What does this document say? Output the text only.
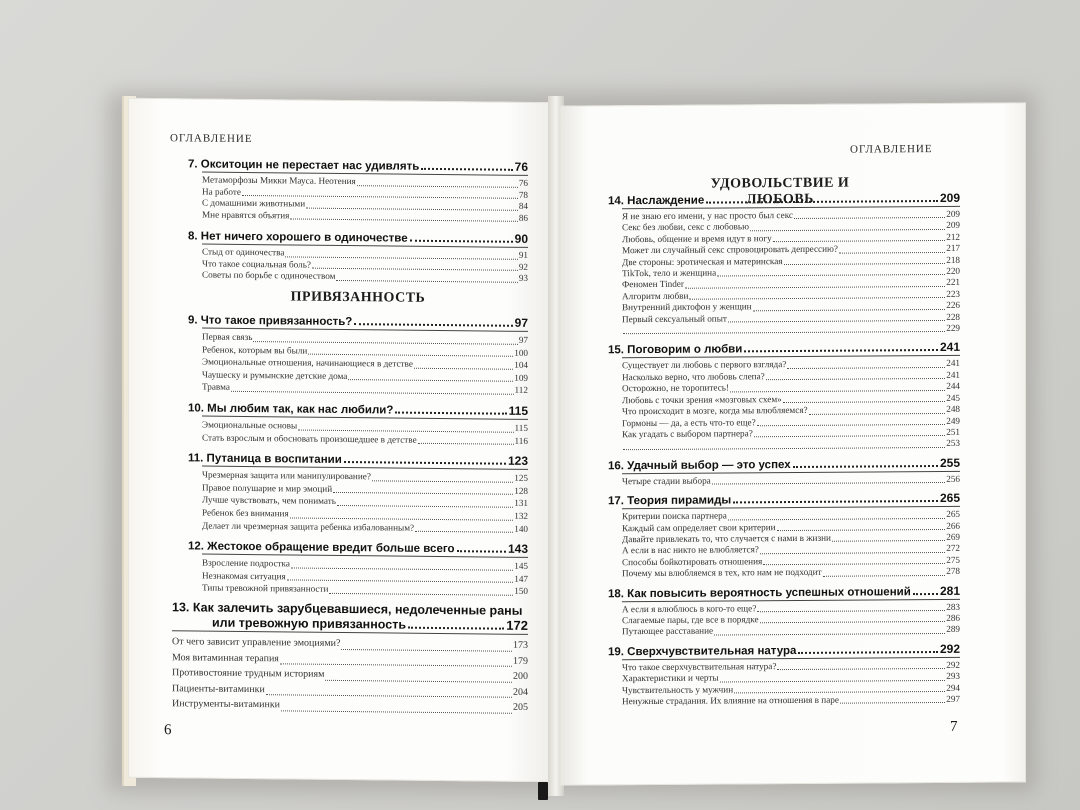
ОГЛАВЛЕНИЕ
7. Окситоцин не перестает нас удивлять	76
Метаморфозы Микки Мауса. Неотения	76
На работе	78
С домашними животными	84
Мне нравятся объятия	86
8. Нет ничего хорошего в одиночестве	90
Стыд от одиночества	91
Что такое социальная боль?	92
Советы по борьбе с одиночеством	93
ПРИВЯЗАННОСТЬ
9. Что такое привязанность?	97
Первая связь	97
Ребенок, которым вы были	100
Эмоциональные отношения, начинающиеся в детстве	104
Чаушеску и румынские детские дома	109
Травма	112
10. Мы любим так, как нас любили?	115
Эмоциональные основы	115
Стать взрослым и обосновать произошедшее в детстве	116
11. Путаница в воспитании	123
Чрезмерная защита или манипулирование?	125
Правое полушарие и мир эмоций	128
Лучше чувствовать, чем понимать	131
Ребенок без внимания	132
Делает ли чрезмерная защита ребенка избалованным?	140
12. Жестокое обращение вредит больше всего	143
Взросление подростка	145
Незнакомая ситуация	147
Типы тревожной привязанности	150
13. Как залечить зарубцевавшиеся, недолеченные раны
или тревожную привязанность	172
От чего зависит управление эмоциями?	173
Моя витаминная терапия	179
Противостояние трудным историям	200
Пациенты-витаминки	204
Инструменты-витаминки	205
6
ОГЛАВЛЕНИЕ
УДОВОЛЬСТВИЕ И ЛЮБОВЬ
14. Наслаждение	209
Я не знаю его имени, у нас просто был секс	209
Секс без любви, секс с любовью	209
Любовь, общение и время идут в ногу	212
Может ли случайный секс спровоцировать депрессию?	217
Две стороны: эротическая и материнская	218
TikTok, тело и женщина	220
Феномен Tinder	221
Алгоритм любви	223
Внутренний диктофон у женщин	226
Первый сексуальный опыт	228
229
15. Поговорим о любви	241
Существует ли любовь с первого взгляда?	241
Насколько верно, что любовь слепа?	241
Осторожно, не торопитесь!	244
Любовь с точки зрения «мозговых схем»	245
Что происходит в мозге, когда мы влюбляемся?	248
Гормоны — да, а есть что-то еще?	249
Как угадать с выбором партнера?	251
253
16. Удачный выбор — это успех	255
Четыре стадии выбора	256
17. Теория пирамиды	265
Критерии поиска партнера	265
Каждый сам определяет свои критерии	266
Давайте привлекать то, что случается с нами в жизни	269
А если в нас никто не влюбляется?	272
Способы бойкотировать отношения	275
Почему мы влюбляемся в тех, кто нам не подходит	278
18. Как повысить вероятность успешных отношений 281
А если я влюблюсь в кого-то еще?	283
Слагаемые пары, где все в порядке	286
Путающее расставание	289
19. Сверхчувствительная натура	292
Что такое сверхчувствительная натура?	292
Характеристики и черты	293
Чувствительность у мужчин	294
Ненужные страдания. Их влияние на отношения в паре	297
7
